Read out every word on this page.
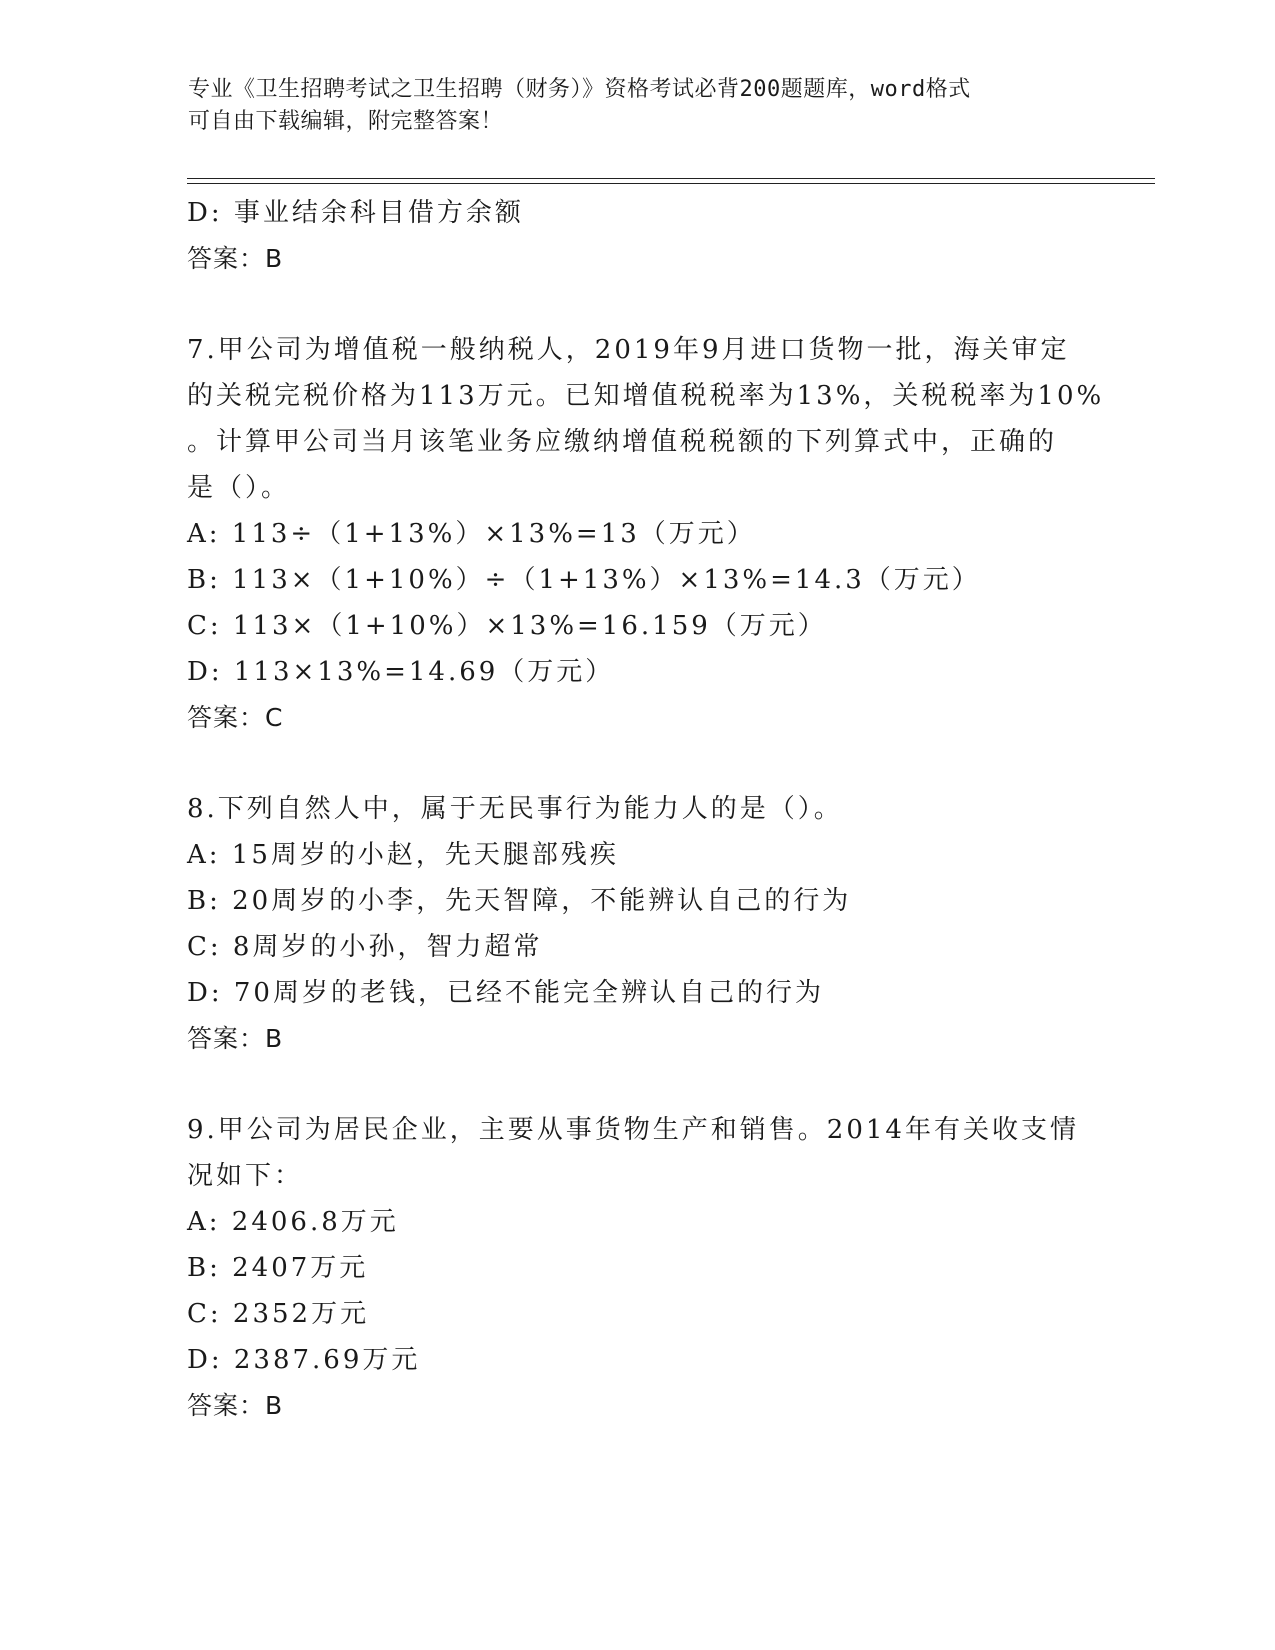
专业《卫生招聘考试之卫生招聘（财务）》资格考试必背200题题库，word格式
可自由下载编辑，附完整答案！
D: 事业结余科目借方余额
答案：B
7.甲公司为增值税一般纳税人，2019年9月进口货物一批，海关审定
的关税完税价格为113万元。已知增值税税率为13%，关税税率为10%
。计算甲公司当月该笔业务应缴纳增值税税额的下列算式中，正确的
是（）。
A: 113÷（1+13%）×13%=13（万元）
B: 113×（1+10%）÷（1+13%）×13%=14.3（万元）
C: 113×（1+10%）×13%=16.159（万元）
D: 113×13%=14.69（万元）
答案：C
8.下列自然人中，属于无民事行为能力人的是（）。
A: 15周岁的小赵，先天腿部残疾
B: 20周岁的小李，先天智障，不能辨认自己的行为
C: 8周岁的小孙，智力超常
D: 70周岁的老钱，已经不能完全辨认自己的行为
答案：B
9.甲公司为居民企业，主要从事货物生产和销售。2014年有关收支情
况如下：
A: 2406.8万元
B: 2407万元
C: 2352万元
D: 2387.69万元
答案：B
